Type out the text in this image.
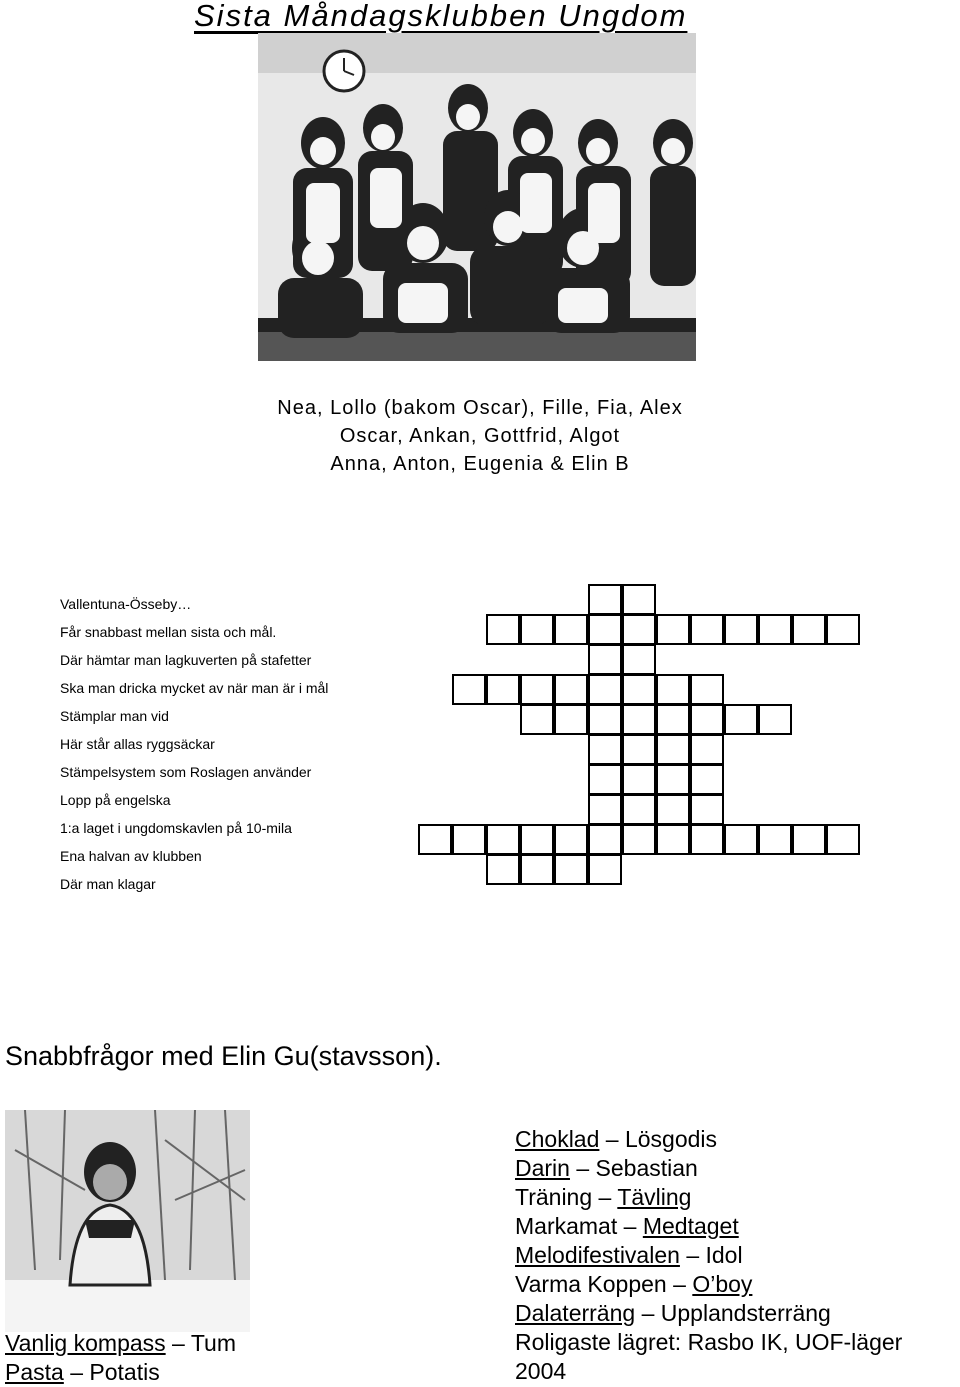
Sista Måndagsklubben Ungdom
Nea, Lollo (bakom Oscar), Fille, Fia, Alex
Oscar, Ankan, Gottfrid, Algot
Anna, Anton, Eugenia & Elin B
Vallentuna-Össeby…
Får snabbast mellan sista och mål.
Där hämtar man lagkuverten på stafetter
Ska man dricka mycket av när man är i mål
Stämplar man vid
Här står allas ryggsäckar
Stämpelsystem som Roslagen använder
Lopp på engelska
1:a laget i ungdomskavlen på 10-mila
Ena halvan av klubben
Där man klagar
Snabbfrågor med Elin Gu(stavsson).
Vanlig kompass – Tum
Pasta – Potatis
Choklad – Lösgodis
Darin – Sebastian
Träning – Tävling
Markamat – Medtaget
Melodifestivalen – Idol
Varma Koppen – O’boy
Dalaterräng – Upplandsterräng
Roligaste lägret: Rasbo IK, UOF-läger 2004
